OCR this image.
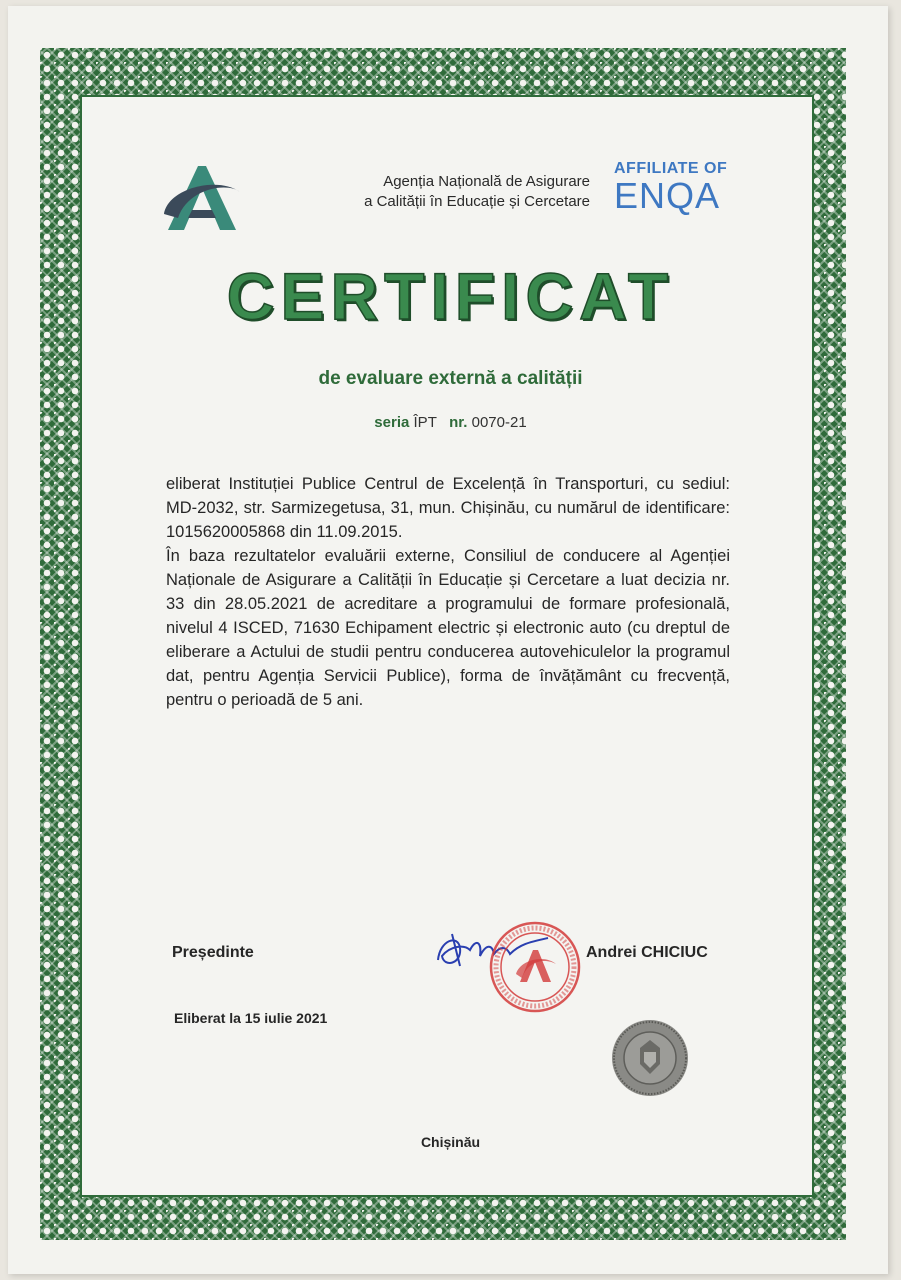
Agenția Națională de Asigurare
a Calității în Educație și Cercetare
AFFILIATE OF
ENQA
CERTIFICAT
de evaluare externă a calității
seria ÎPT nr. 0070-21

eliberat Instituției Publice Centrul de Excelență în Transporturi, cu sediul: MD-2032, str. Sarmizegetusa, 31, mun. Chișinău, cu numărul de identificare: 1015620005868 din 11.09.2015.

În baza rezultatelor evaluării externe, Consiliul de conducere al Agenției Naționale de Asigurare a Calității în Educație și Cercetare a luat decizia nr. 33 din 28.05.2021 de acreditare a programului de formare profesională, nivelul 4 ISCED, 71630 Echipament electric și electronic auto (cu dreptul de eliberare a Actului de studii pentru conducerea autovehiculelor la programul dat, pentru Agenția Servicii Publice), forma de învățământ cu frecvență, pentru o perioadă de 5 ani.

Președinte	Andrei CHICIUC
Eliberat la 15 iulie 2021
Chișinău
